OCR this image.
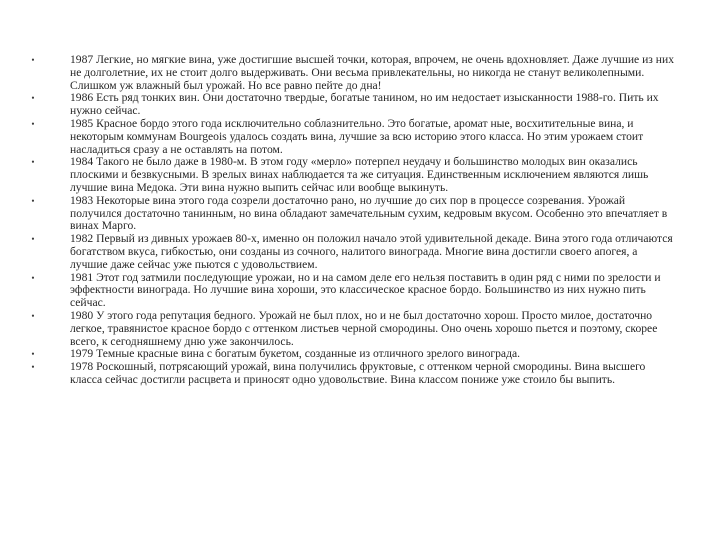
•	1987 Легкие, но мягкие вина, уже достигшие высшей точки, которая, впрочем, не очень вдохновляет. Даже лучшие из них не долголетние, их не стоит долго выдерживать. Они весьма привлекательны, но никогда не станут великолепными. Слишком уж влажный был урожай. Но все равно пейте до дна!
•	1986 Есть ряд тонких вин. Они достаточно твердые, богатые танином, но им недостает изысканности 1988-го. Пить их нужно сейчас.
•	1985 Красное бордо этого года исключительно соблазнительно. Это богатые, аромат ные, восхитительные вина, и некоторым коммунам Bourgeois удалось создать вина, лучшие за всю историю этого класса. Но этим урожаем стоит насладиться сразу а не оставлять на потом.
•	1984 Такого не было даже в 1980-м. В этом году «мерло» потерпел неудачу и большинство молодых вин оказались плоскими и безвкусными. В зрелых винах наблюдается та же ситуация. Единственным исключением являются лишь лучшие вина Медока. Эти вина нужно выпить сейчас или вообще выкинуть.
•	1983 Некоторые вина этого года созрели достаточно рано, но лучшие до сих пор в процессе созревания. Урожай получился достаточно танинным, но вина обладают замечательным сухим, кедровым вкусом. Особенно это впечатляет в винах Марго.
•	1982 Первый из дивных урожаев 80-х, именно он положил начало этой удивительной декаде. Вина этого года отличаются богатством вкуса, гибкостью, они созданы из сочного, налитого винограда. Многие вина достигли своего апогея, а лучшие даже сейчас уже пьются с удовольствием.
•	1981 Этот год затмили последующие урожаи, но и на самом деле его нельзя поставить в один ряд с ними по зрелости и эффектности винограда. Но лучшие вина хороши, это классическое красное бордо. Большинство из них нужно пить сейчас.
•	1980 У этого года репутация бедного. Урожай не был плох, но и не был достаточно хорош. Просто милое, достаточно легкое, травянистое красное бордо с оттенком листьев черной смородины. Оно очень хорошо пьется и поэтому, скорее всего, к сегодняшнему дню уже закончилось.
•	1979 Темные красные вина с богатым букетом, созданные из отличного зрелого винограда.
•	1978 Роскошный, потрясающий урожай, вина получились фруктовые, с оттенком черной смородины. Вина высшего класса сейчас достигли расцвета и приносят одно удовольствие. Вина классом пониже уже стоило бы выпить.
